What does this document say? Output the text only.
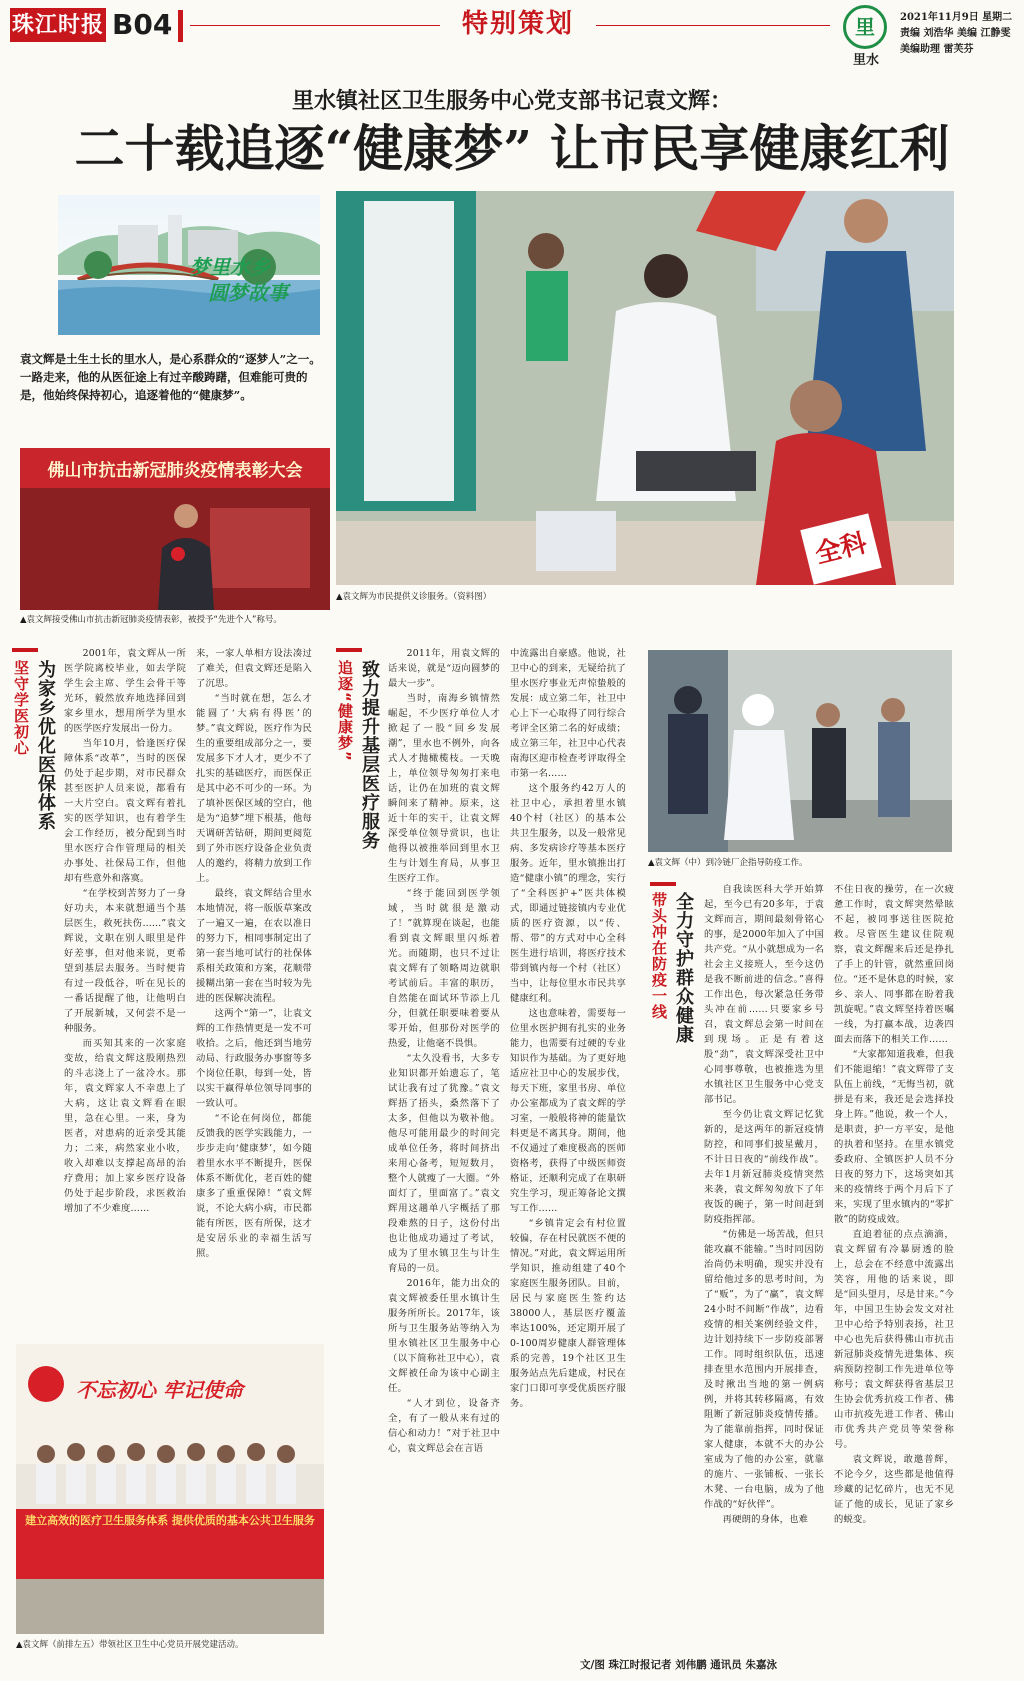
珠江时报 B04	特别策划	里
里水
2021年11月9日 星期二
责编 刘浩华 美编 江静雯
美编助理 雷芙芬
里水镇社区卫生服务中心党支部书记袁文辉：
二十载追逐“健康梦” 让市民享健康红利
梦里水乡
圆梦故事
袁文辉是土生土长的里水人，是心系群众的“逐梦人”之一。一路走来，他的从医征途上有过辛酸踌躇，但难能可贵的是，他始终保持初心，追逐着他的“健康梦”。
佛山市抗击新冠肺炎疫情表彰大会
▲袁文辉接受佛山市抗击新冠肺炎疫情表彰，被授予“先进个人”称号。
全科
▲袁文辉为市民提供义诊服务。（资料图）
坚守学医初心 为家乡优化医保体系

2001年，袁文辉从一所医学院离校毕业，如去学院学生会主席、学生会骨干等光环，毅然放弃地选择回到家乡里水，想用所学为里水的医学医疗发展出一份力。

当年10月，恰逢医疗保障体系“改革”，当时的医保仍处于起步期，对市民群众甚至医护人员来说，都看有一大片空白。袁文辉有着扎实的医学知识，也有着学生会工作经历，被分配到当时里水医疗合作管理局的相关办事处、社保局工作，但他却有些意外和落寞。

“在学校到苦努力了一身好功夫，本来就想通当个基层医生，救死扶伤……”袁文辉说，文职在别人眼里是件好差事，但对他来说，更希望到基层去服务。当时便肯有过一段低谷，听在见长的一番话提醒了他，让他明白了开展新城，又何尝不是一种服务。

而买知其来的一次家庭变故，给袁文辉这股刚热烈的斗志浇上了一盆冷水。那年，袁文辉家人不幸患上了大病，这让袁文辉看在眼里，急在心里。一来，身为医者，对患病的近亲受其能力；二来，病然家业小收，收入却难以支撑起高昂的治疗费用；加上家乡医疗设备仍处于起步阶段，求医救治增加了不少难度……

来，一家人单相方设法凑过了难关，但袁文辉还是陷入了沉思。

“当时就在想，怎么才能圆了‘大病有得医’的梦。”袁文辉说，医疗作为民生的重要组成部分之一，要发展多下才人才，更少不了扎实的基础医疗，而医保正是其中必不可少的一环。为了填补医保区域的空白，他是为“追梦”埋下根基，他每天调研苦钻研，期间更阅览到了外市医疗设备企业负责人的邀约，将精力放到工作上。

最终，袁文辉结合里水本地情况，将一版版草案改了一遍又一遍，在农以准日的努力下，相同事制定出了第一套当地可试行的社保体系相关政策和方案，花顺带援糊出第一套在当时较为先进的医保解决流程。

这两个“第一”，让袁文辉的工作热情更是一发不可收拾。之后，他还到当地劳动局、行政服务办事窗等多个岗位任职，每到一处，皆以实干赢得单位领导同事的一致认可。

“不论在何岗位，都能反馈我的医学实践能力，一步步走向‘健康梦’，如今随着里水水平不断提升，医保体系不断优化，老百姓的健康多了重重保障！”袁文辉说，不论大病小病，市民都能有所医，医有所保，这才是安居乐业的幸福生活写照。

追逐“健康梦” 致力提升基层医疗服务

2011年，用袁文辉的话来说，就是“迈向圆梦的最大一步”。

当时，南海乡镇情然崛起，不少医疗单位人才掀起了一股“回乡发展潮”，里水也不例外，向各式人才抛橄榄枝。一天晚上，单位领导匆匆打来电话，让仍在加班的袁文辉瞬间来了精神。原来，这近十年的实干，让袁文辉深受单位领导赏识，也让他得以被推举回到里水卫生与计划生育局，从事卫生医疗工作。

“终于能回到医学领域，当时就很是激动了！”就算现在谈起，也能看到袁文辉眼里闪烁着光。而随期，也只不过让袁文辉有了领略周边就职考试前后。丰富的职历，自然能在面试环节添上几分，但就任职要味着要从零开始，但那份对医学的热爱，让他毫不畏惧。

“太久没看书，大多专业知识都开始遗忘了，笔试让我有过了犹豫。”袁文辉捂了捂头，桑然落下了太多，但他以为敬补他。他尽可能用最少的时间完成单位任务，将时间挤出来用心备考，短短数月，整个人就瘦了一大圈。“外面灯了，里面富了。”袁文辉用这趟单八字概括了那段难熬的日子，这份付出也让他成功通过了考试，成为了里水镇卫生与计生育局的一员。

2016年，能力出众的袁文辉被委任里水镇计生服务所所长。2017年，该所与卫生服务站等纳入为里水镇社区卫生服务中心（以下简称社卫中心），袁文辉被任命为该中心副主任。

“人才到位，设备齐全，有了一般从来有过的信心和动力！”对于社卫中心，袁文辉总会在言语

中流露出自豪感。他说，社卫中心的到来，无疑给抗了里水医疗事业无声惊蛰般的发展：成立第二年，社卫中心上下一心取得了同行综合考评全区第二名的好成绩；成立第三年，社卫中心代表南海区迎市检查考评取得全市第一名……

这个服务约42万人的社卫中心，承担着里水镇40个村（社区）的基本公共卫生服务，以及一般常见病、多发病诊疗等基本医疗服务。近年，里水镇推出打造“健康小镇”的理念，实行了“全科医护+”医共体模式，即通过链接镇内专业优质的医疗资源，以“传、帮、带”的方式对中心全科医生进行培训，将医疗技术带到镇内每一个村（社区）当中，让每位里水市民共享健康红利。

这也意味着，需要每一位里水医护拥有扎实的业务能力，也需要有过硬的专业知识作为基础。为了更好地适应社卫中心的发展步伐，每天下班，家里书房、单位办公室都成为了袁文辉的学习室，一般般将神的能量饮料更是不离其身。期间，他不仅通过了难度极高的医师资格考，获得了中级医师资格证，还顺利完成了在职研究生学习，现正筹备论文撰写工作……

“乡镇肯定会有村位置较偏，存在村民就医不便的情况。”对此，袁文辉运用所学知识，推动组建了40个家庭医生服务团队。目前，居民与家庭医生签约达38000人，基层医疗覆盖率达100%，还定期开展了0-100周岁健康人群管理体系的完善，19个社区卫生服务站点先后建成，村民在家门口即可享受优质医疗服务。

▲袁文辉（中）到冷链厂企指导防疫工作。
带头冲在防疫一线 全力守护群众健康

自我读医科大学开始算起，至今已有20多年，于袁文辉而言，期间最刻骨铭心的事，是2000年加入了中国共产党。“从小就想成为一名社会主义接班人，至今这仍是我不断前进的信念。”喜得工作出色，每次紧急任务带头冲在前……只要家乡号召，袁文辉总会第一时间在到现场。正是有着这股“劲”，袁文辉深受社卫中心同事尊敬，也被推选为里水镇社区卫生服务中心党支部书记。

至今仍让袁文辉记忆犹新的，是这两年的新冠疫情防控，和同事们披星戴月，不计日日夜的“前线作战”。去年1月新冠肺炎疫情突然来袭，袁文辉匆匆放下了年夜饭的碗子，第一时间赶到防疫指挥部。

“仿佛是一场苦战，但只能攻赢不能输。”当时同因防治尚仍未明确，现实并没有留给他过多的思考时间，为了“贩”，为了“赢”，袁文辉24小时不间断“作战”，边看疫情的相关案例经验文件，边计划持续下一步防疫部署工作。同时组织队伍，迅速排查里水范围内开展排查，及时揪出当地的第一例病例，并将其转移隔离，有效阻断了新冠肺炎疫情传播。为了能靠前指挥，同时保证家人健康，本就不大的办公室成为了他的办公室，就靠的施片、一张铺板、一张长木凳、一台电脑，成为了他作战的“好伙伴”。

再硬朗的身体，也难

不住日夜的操劳，在一次疲惫工作时，袁文辉突然晕眩不起，被同事送往医院抢救。尽管医生建议住院观察，袁文辉醒来后还是挣扎了手上的针管，就然重回岗位。“还不是休息的时候，家乡、亲人、同事都在盼着我凯旋呢。”袁文辉坚持着医嘱一线，为打赢本战，边袭四面去而落下的相关工作……

“大家都知道我难，但我们不能退缩！”袁文辉带了支队伍上前线，“无悔当初，就拼是有来，我还是会选择投身上阵。”他说，救一个人，是职责，护一方平安，是他的执着和坚持。在里水镇党委政府、全镇医护人员不分日夜的努力下，这场突如其来的疫情终于两个月后下了来，实现了里水镇内的“零扩散”的防疫成效。

直追着征的点点滴滴，袁文辉留有冷暴厨透的脸上，总会在不经意中流露出笑容，用他的话来说，即是“回头望月，尽是甘来。”今年，中国卫生协会发文对社卫中心给予特别表扬，社卫中心也先后获得佛山市抗击新冠肺炎疫情先进集体、疾病预防控制工作先进单位等称号；袁文辉获得省基层卫生协会优秀抗疫工作者、佛山市抗疫先进工作者、佛山市优秀共产党员等荣誉称号。

袁文辉说，敢邀普辉，不论今夕，这些都是他值得珍藏的记忆碎片，也无不见证了他的成长，见证了家乡的蜕变。

不忘初心 牢记使命
建立高效的医疗卫生服务体系 提供优质的基本公共卫生服务
▲袁文辉（前排左五）带领社区卫生中心党员开展党建活动。
文/图 珠江时报记者 刘伟鹏 通讯员 朱嘉泳
